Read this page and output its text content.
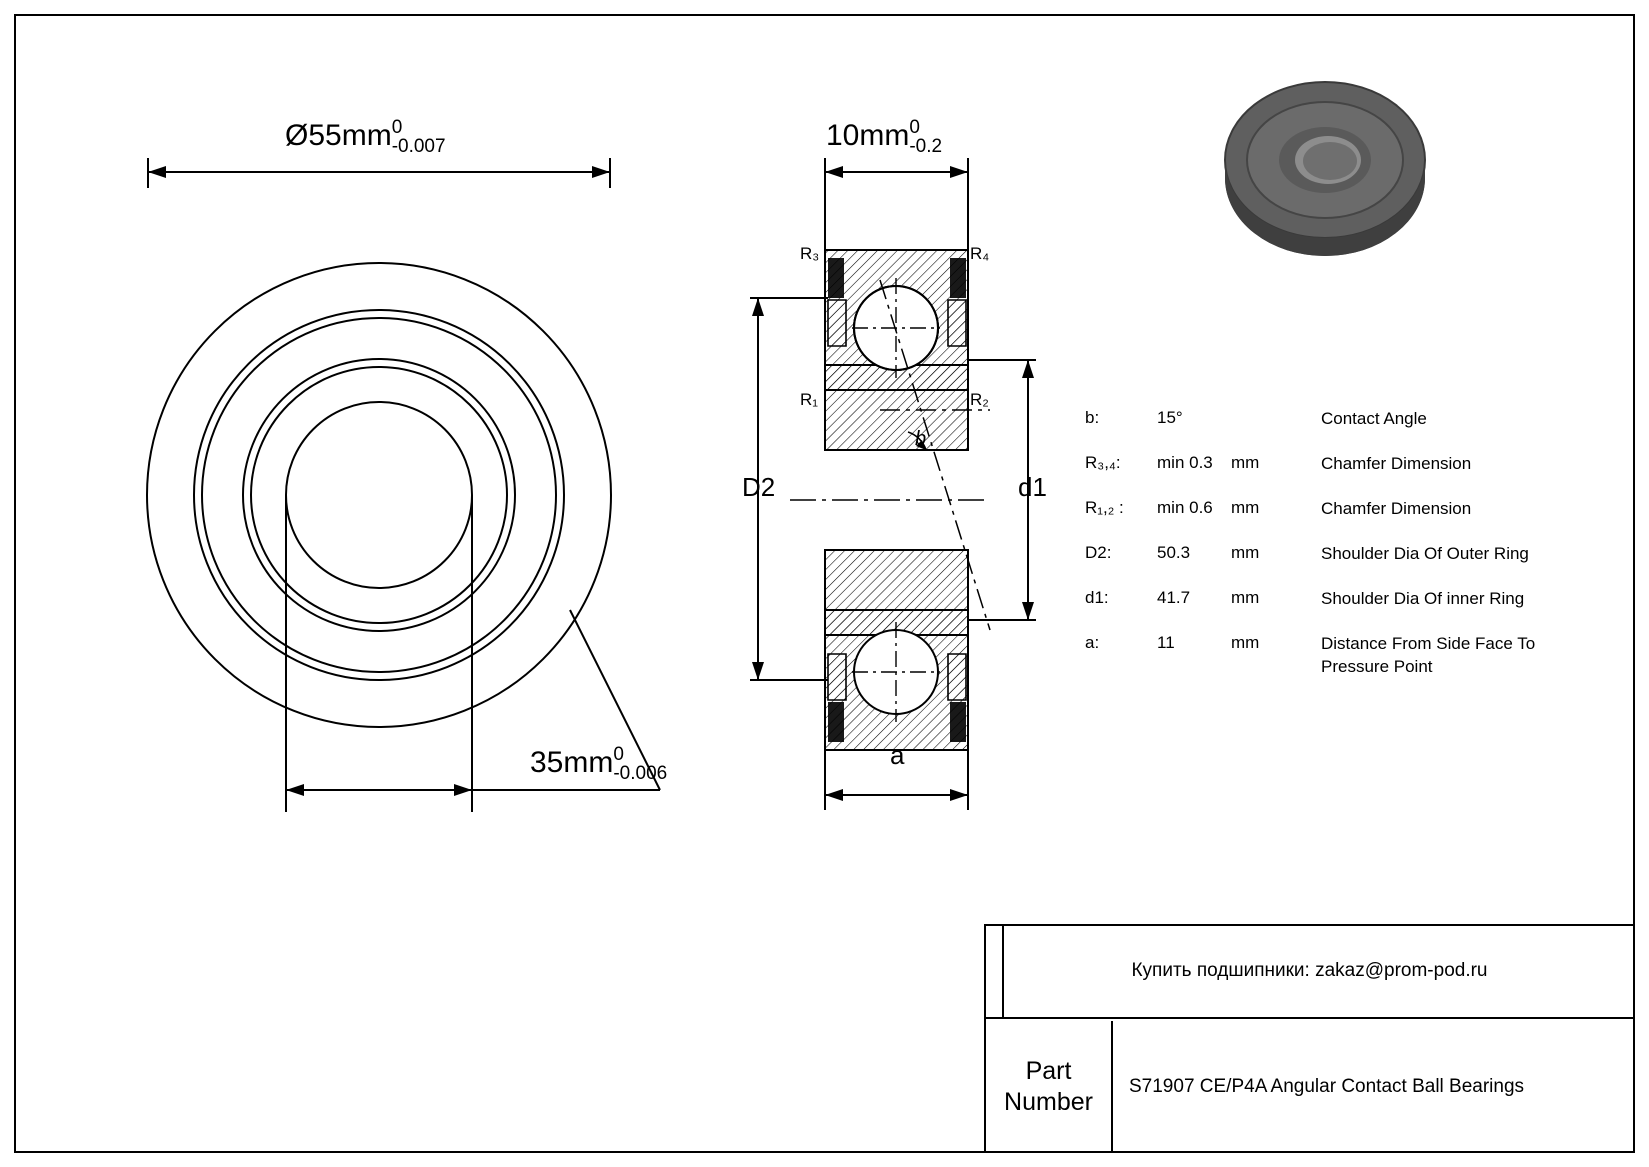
Ø55mm 0
-0.007
35mm 0
-0.006
10mm 0
-0.2
R₃	R₄
R₁	R₂
D2	d1
a
b
b:	15°	Contact Angle
R₃,₄:	min 0.3	mm	Chamfer Dimension
R₁,₂ :	min 0.6	mm	Chamfer Dimension
D2:	50.3	mm	Shoulder Dia Of Outer Ring
d1:	41.7	mm	Shoulder Dia Of inner Ring
a:	11	mm	Distance From Side Face To Pressure Point
Купить подшипники: zakaz@prom-pod.ru
Part
Number
S71907 CE/P4A Angular Contact Ball Bearings
